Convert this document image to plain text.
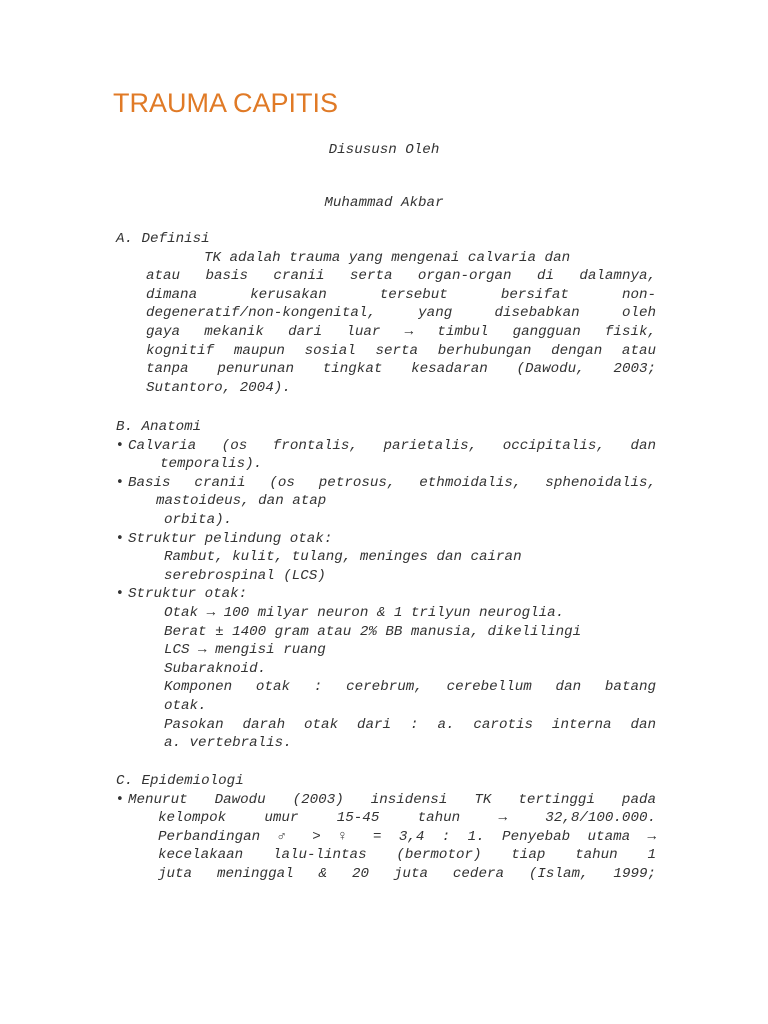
TRAUMA CAPITIS
Disususn Oleh
Muhammad Akbar
A. Definisi
TK adalah trauma yang mengenai calvaria dan
atau basis cranii serta organ-organ di dalamnya,
dimana kerusakan tersebut bersifat non-
degeneratif/non-kongenital, yang disebabkan oleh
gaya mekanik dari luar → timbul gangguan fisik,
kognitif maupun sosial serta berhubungan dengan atau
tanpa penurunan tingkat kesadaran (Dawodu, 2003;
Sutantoro, 2004).
B. Anatomi
• Calvaria (os frontalis, parietalis, occipitalis, dan
temporalis).
• Basis cranii (os petrosus, ethmoidalis, sphenoidalis,
mastoideus, dan atap
orbita).
• Struktur pelindung otak:
Rambut, kulit, tulang, meninges dan cairan
serebrospinal (LCS)
• Struktur otak:
Otak → 100 milyar neuron & 1 trilyun neuroglia.
Berat ± 1400 gram atau 2% BB manusia, dikelilingi
LCS → mengisi ruang
Subaraknoid.
Komponen otak : cerebrum, cerebellum dan batang
otak.
Pasokan darah otak dari : a. carotis interna dan
a. vertebralis.
C. Epidemiologi
• Menurut Dawodu (2003) insidensi TK tertinggi pada
kelompok umur 15-45 tahun → 32,8/100.000.
Perbandingan ♂ > ♀ = 3,4 : 1. Penyebab utama →
kecelakaan lalu-lintas (bermotor) tiap tahun 1
juta meninggal & 20 juta cedera (Islam, 1999;
